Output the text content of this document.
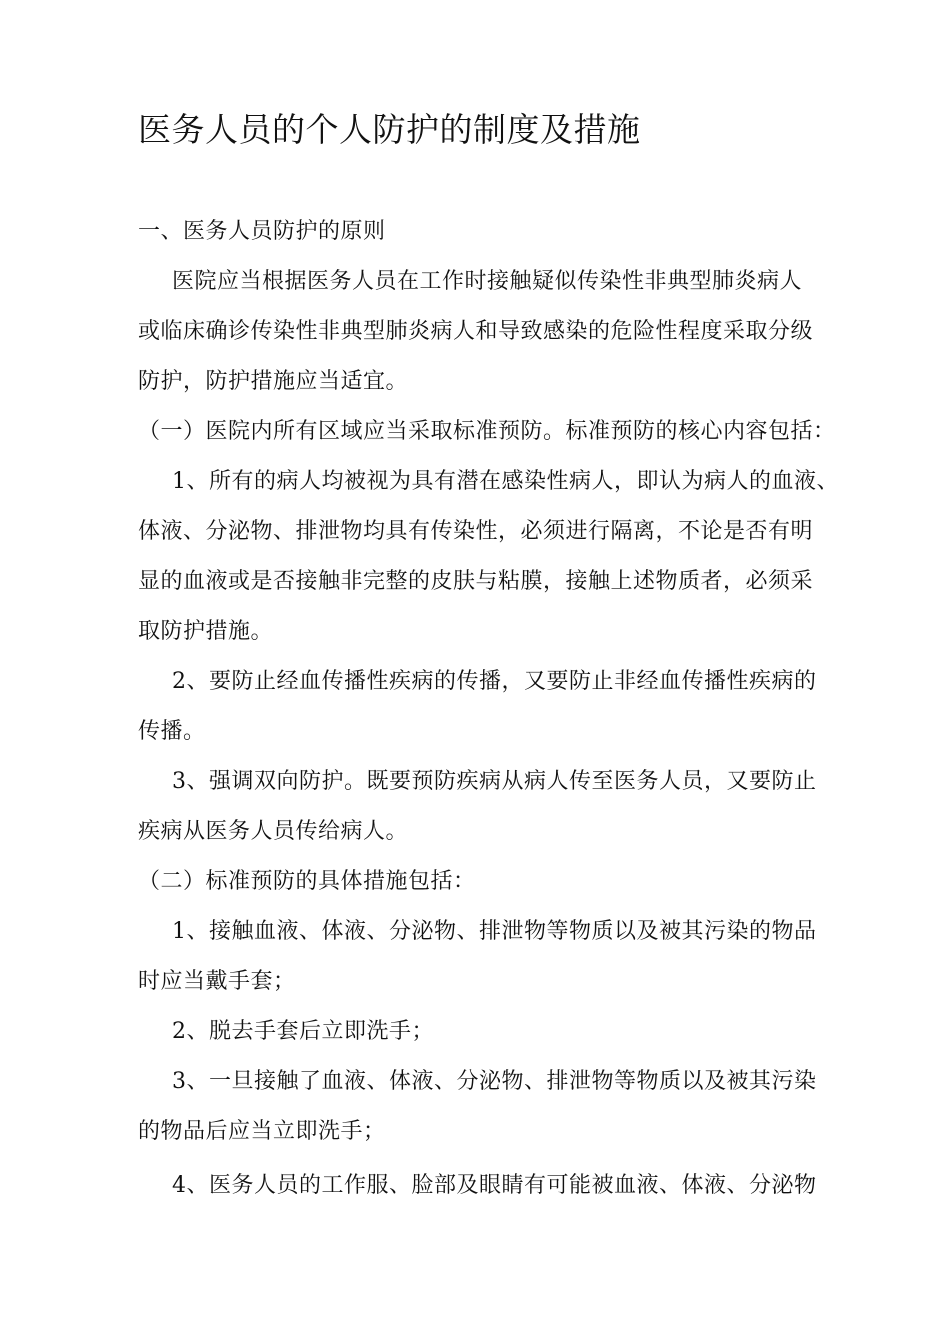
医务人员的个人防护的制度及措施
一、医务人员防护的原则
医院应当根据医务人员在工作时接触疑似传染性非典型肺炎病人
或临床确诊传染性非典型肺炎病人和导致感染的危险性程度采取分级
防护，防护措施应当适宜。
（一）医院内所有区域应当采取标准预防。标准预防的核心内容包括：
1、所有的病人均被视为具有潜在感染性病人，即认为病人的血液、
体液、分泌物、排泄物均具有传染性，必须进行隔离，不论是否有明
显的血液或是否接触非完整的皮肤与粘膜，接触上述物质者，必须采
取防护措施。
2、要防止经血传播性疾病的传播，又要防止非经血传播性疾病的
传播。
3、强调双向防护。既要预防疾病从病人传至医务人员，又要防止
疾病从医务人员传给病人。
（二）标准预防的具体措施包括：
1、接触血液、体液、分泌物、排泄物等物质以及被其污染的物品
时应当戴手套；
2、脱去手套后立即洗手；
3、一旦接触了血液、体液、分泌物、排泄物等物质以及被其污染
的物品后应当立即洗手；
4、医务人员的工作服、脸部及眼睛有可能被血液、体液、分泌物
